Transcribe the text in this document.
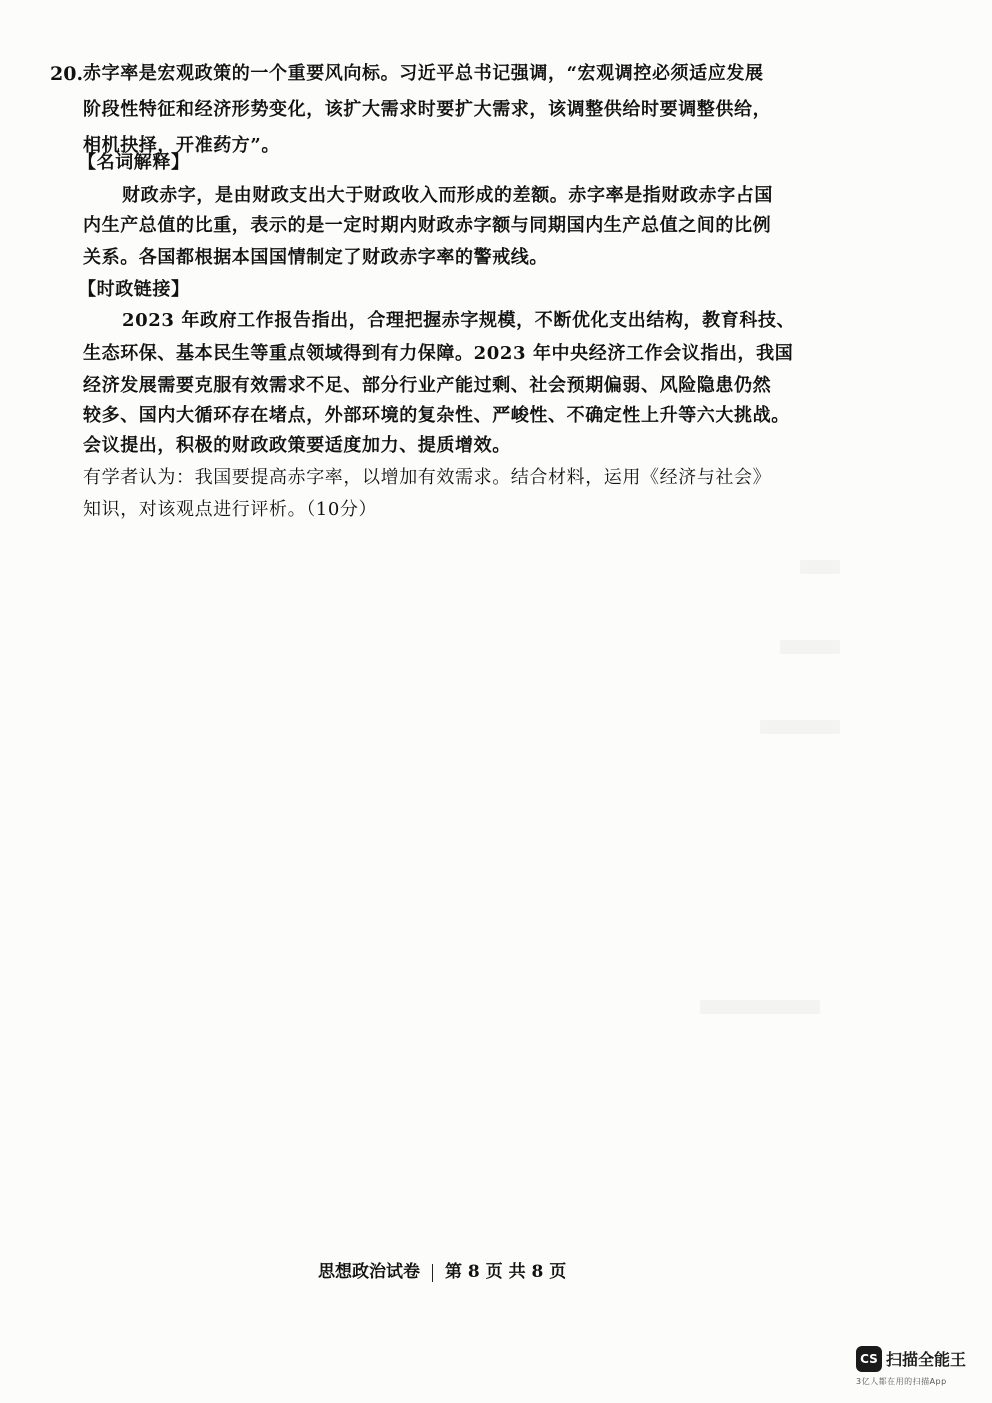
20. 赤字率是宏观政策的一个重要风向标。习近平总书记强调，“宏观调控必须适应发展
阶段性特征和经济形势变化，该扩大需求时要扩大需求，该调整供给时要调整供给，
相机抉择，开准药方”。
【名词解释】
财政赤字，是由财政支出大于财政收入而形成的差额。赤字率是指财政赤字占国
内生产总值的比重，表示的是一定时期内财政赤字额与同期国内生产总值之间的比例
关系。各国都根据本国国情制定了财政赤字率的警戒线。
【时政链接】
2023 年政府工作报告指出，合理把握赤字规模，不断优化支出结构，教育科技、
生态环保、基本民生等重点领域得到有力保障。2023 年中央经济工作会议指出，我国
经济发展需要克服有效需求不足、部分行业产能过剩、社会预期偏弱、风险隐患仍然
较多、国内大循环存在堵点，外部环境的复杂性、严峻性、不确定性上升等六大挑战。
会议提出，积极的财政政策要适度加力、提质增效。
有学者认为：我国要提高赤字率，以增加有效需求。结合材料，运用《经济与社会》
知识，对该观点进行评析。（10分）
思想政治试卷 第 8 页 共 8 页
CS 扫描全能王
3亿人都在用的扫描App
